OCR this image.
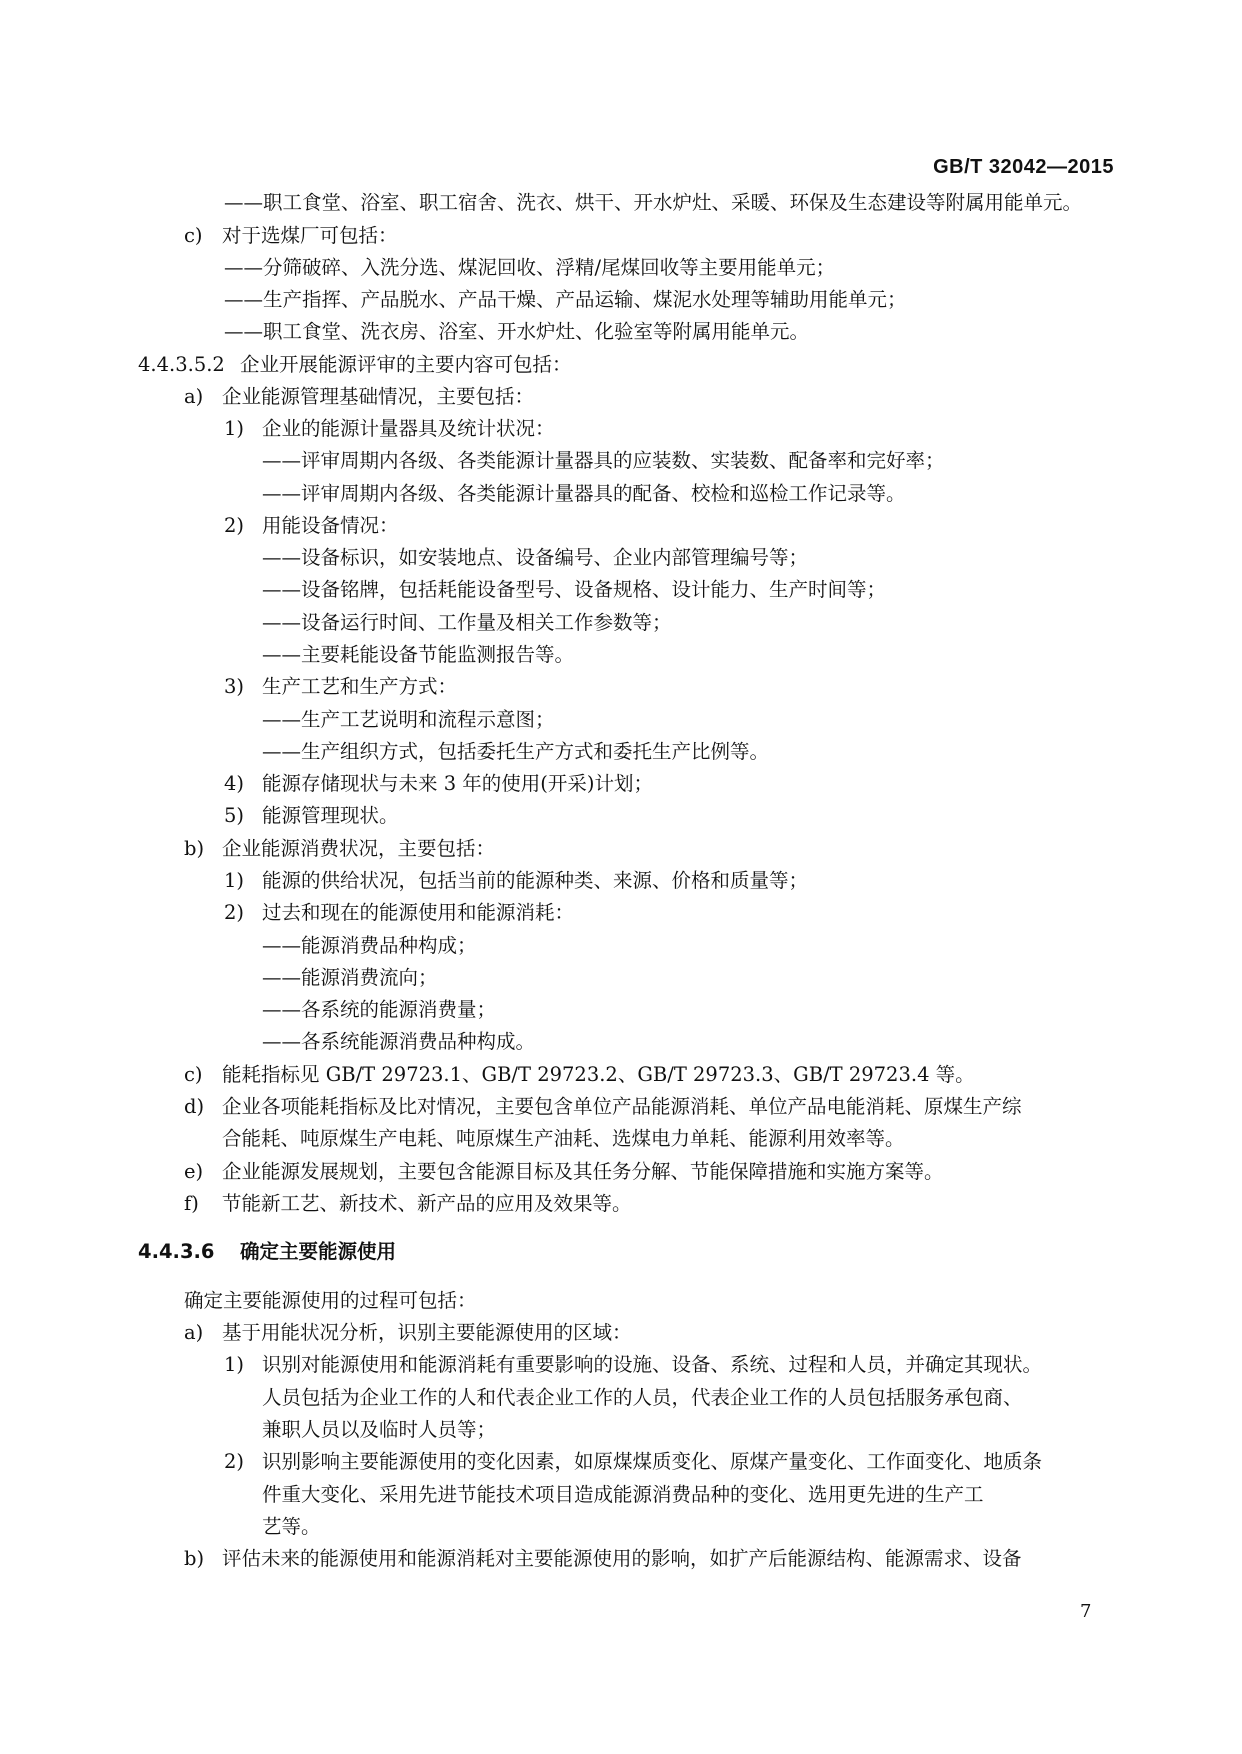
GB/T 32042—2015
——职工食堂、浴室、职工宿舍、洗衣、烘干、开水炉灶、采暖、环保及生态建设等附属用能单元。
c) 对于选煤厂可包括：
——分筛破碎、入洗分选、煤泥回收、浮精/尾煤回收等主要用能单元；
——生产指挥、产品脱水、产品干燥、产品运输、煤泥水处理等辅助用能单元；
——职工食堂、洗衣房、浴室、开水炉灶、化验室等附属用能单元。
4.4.3.5.2 企业开展能源评审的主要内容可包括：
a) 企业能源管理基础情况，主要包括：
1) 企业的能源计量器具及统计状况：
——评审周期内各级、各类能源计量器具的应装数、实装数、配备率和完好率；
——评审周期内各级、各类能源计量器具的配备、校检和巡检工作记录等。
2) 用能设备情况：
——设备标识，如安装地点、设备编号、企业内部管理编号等；
——设备铭牌，包括耗能设备型号、设备规格、设计能力、生产时间等；
——设备运行时间、工作量及相关工作参数等；
——主要耗能设备节能监测报告等。
3) 生产工艺和生产方式：
——生产工艺说明和流程示意图；
——生产组织方式，包括委托生产方式和委托生产比例等。
4) 能源存储现状与未来 3 年的使用(开采)计划；
5) 能源管理现状。
b) 企业能源消费状况，主要包括：
1) 能源的供给状况，包括当前的能源种类、来源、价格和质量等；
2) 过去和现在的能源使用和能源消耗：
——能源消费品种构成；
——能源消费流向；
——各系统的能源消费量；
——各系统能源消费品种构成。
c) 能耗指标见 GB/T 29723.1、GB/T 29723.2、GB/T 29723.3、GB/T 29723.4 等。
d) 企业各项能耗指标及比对情况，主要包含单位产品能源消耗、单位产品电能消耗、原煤生产综
合能耗、吨原煤生产电耗、吨原煤生产油耗、选煤电力单耗、能源利用效率等。
e) 企业能源发展规划，主要包含能源目标及其任务分解、节能保障措施和实施方案等。
f) 节能新工艺、新技术、新产品的应用及效果等。
4.4.3.6 确定主要能源使用
确定主要能源使用的过程可包括：
a) 基于用能状况分析，识别主要能源使用的区域：
1) 识别对能源使用和能源消耗有重要影响的设施、设备、系统、过程和人员，并确定其现状。
人员包括为企业工作的人和代表企业工作的人员，代表企业工作的人员包括服务承包商、
兼职人员以及临时人员等；
2) 识别影响主要能源使用的变化因素，如原煤煤质变化、原煤产量变化、工作面变化、地质条
件重大变化、采用先进节能技术项目造成能源消费品种的变化、选用更先进的生产工
艺等。
b) 评估未来的能源使用和能源消耗对主要能源使用的影响，如扩产后能源结构、能源需求、设备
7
